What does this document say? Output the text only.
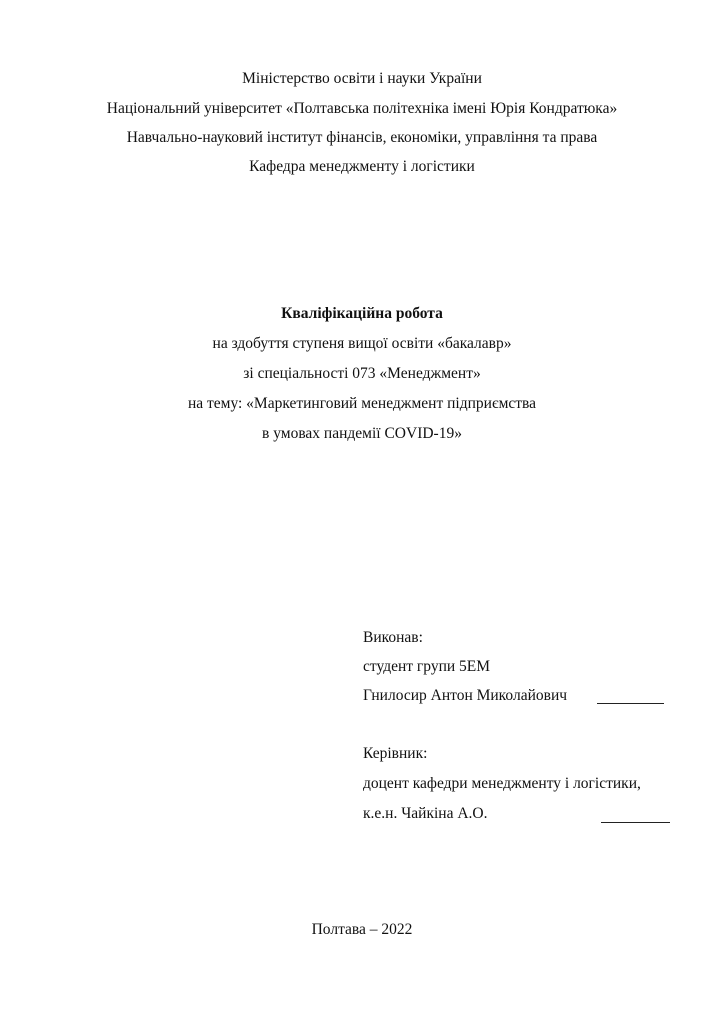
Міністерство освіти і науки України
Національний університет «Полтавська політехніка імені Юрія Кондратюка»
Навчально-науковий інститут фінансів, економіки, управління та права
Кафедра менеджменту і логістики
Кваліфікаційна робота
на здобуття ступеня вищої освіти «бакалавр»
зі спеціальності 073 «Менеджмент»
на тему: «Маркетинговий менеджмент підприємства
в умовах пандемії COVID-19»
Виконав:
студент групи 5ЕМ
Гнилосир Антон Миколайович
Керівник:
доцент кафедри менеджменту і логістики,
к.е.н. Чайкіна А.О.
Полтава – 2022
